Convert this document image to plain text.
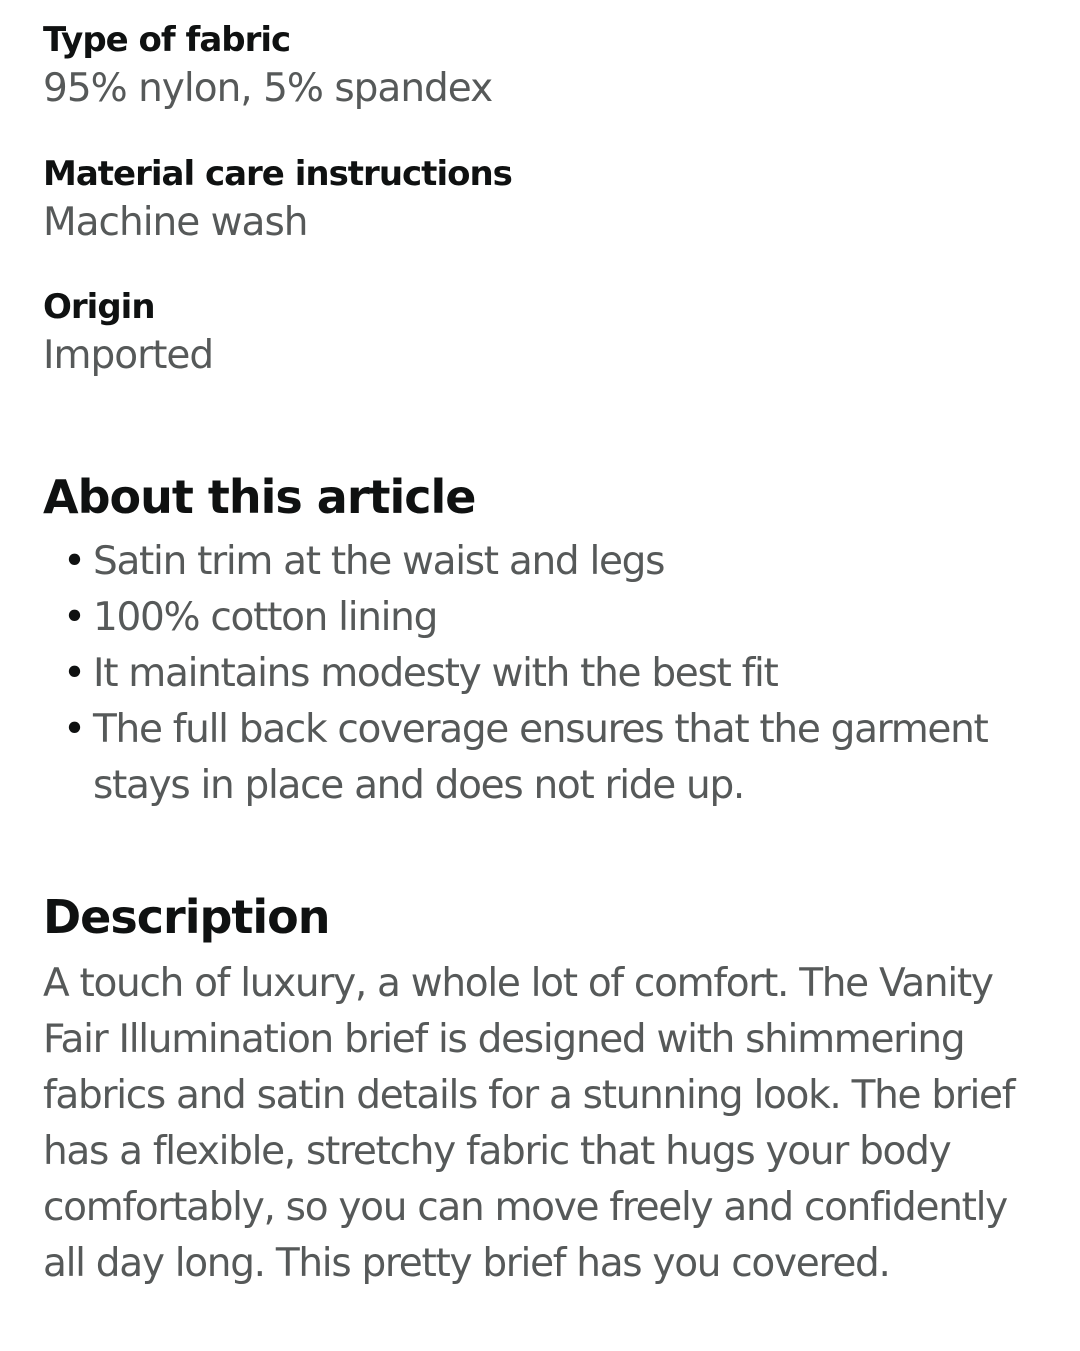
Type of fabric
95% nylon, 5% spandex
Material care instructions
Machine wash
Origin
Imported
About this article
• Satin trim at the waist and legs
• 100% cotton lining
• It maintains modesty with the best fit
• The full back coverage ensures that the garment stays in place and does not ride up.
Description

A touch of luxury, a whole lot of comfort. The Vanity Fair Illumination brief is designed with shimmering fabrics and satin details for a stunning look. The brief has a flexible, stretchy fabric that hugs your body comfortably, so you can move freely and confidently all day long. This pretty brief has you covered.
